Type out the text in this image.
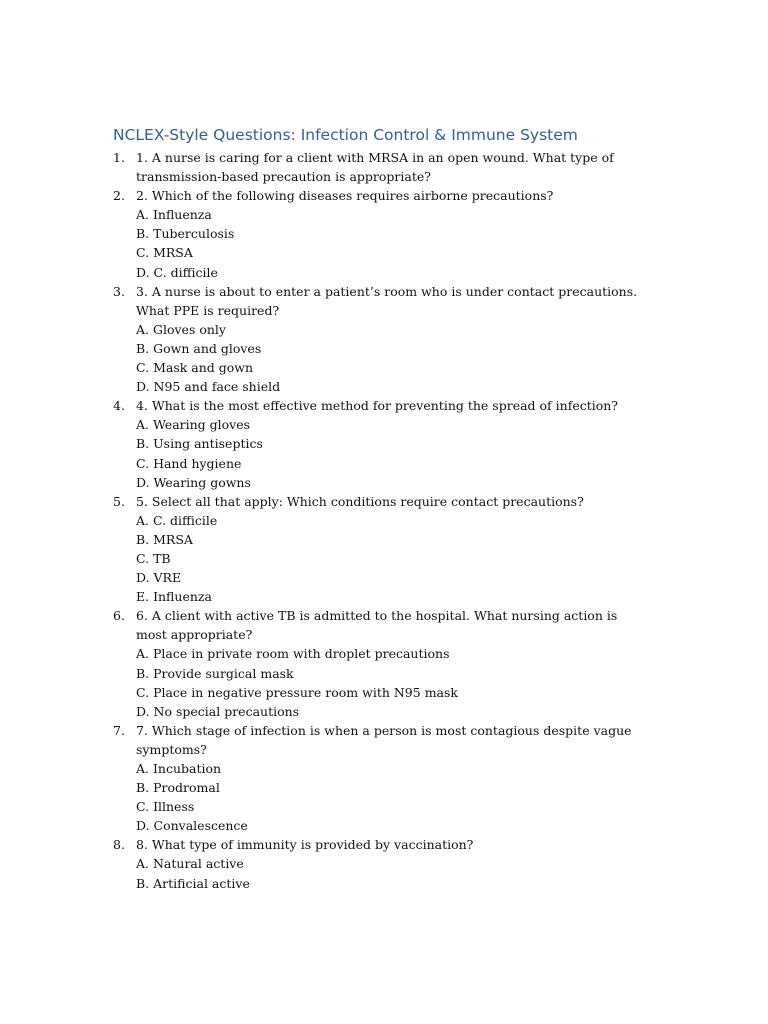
NCLEX-Style Questions: Infection Control & Immune System
1. 1. A nurse is caring for a client with MRSA in an open wound. What type of transmission-based precaution is appropriate?
2. 2. Which of the following diseases requires airborne precautions?
A. Influenza
B. Tuberculosis
C. MRSA
D. C. difficile
3. 3. A nurse is about to enter a patient’s room who is under contact precautions. What PPE is required?
A. Gloves only
B. Gown and gloves
C. Mask and gown
D. N95 and face shield
4. 4. What is the most effective method for preventing the spread of infection?
A. Wearing gloves
B. Using antiseptics
C. Hand hygiene
D. Wearing gowns
5. 5. Select all that apply: Which conditions require contact precautions?
A. C. difficile
B. MRSA
C. TB
D. VRE
E. Influenza
6. 6. A client with active TB is admitted to the hospital. What nursing action is most appropriate?
A. Place in private room with droplet precautions
B. Provide surgical mask
C. Place in negative pressure room with N95 mask
D. No special precautions
7. 7. Which stage of infection is when a person is most contagious despite vague symptoms?
A. Incubation
B. Prodromal
C. Illness
D. Convalescence
8. 8. What type of immunity is provided by vaccination?
A. Natural active
B. Artificial active
